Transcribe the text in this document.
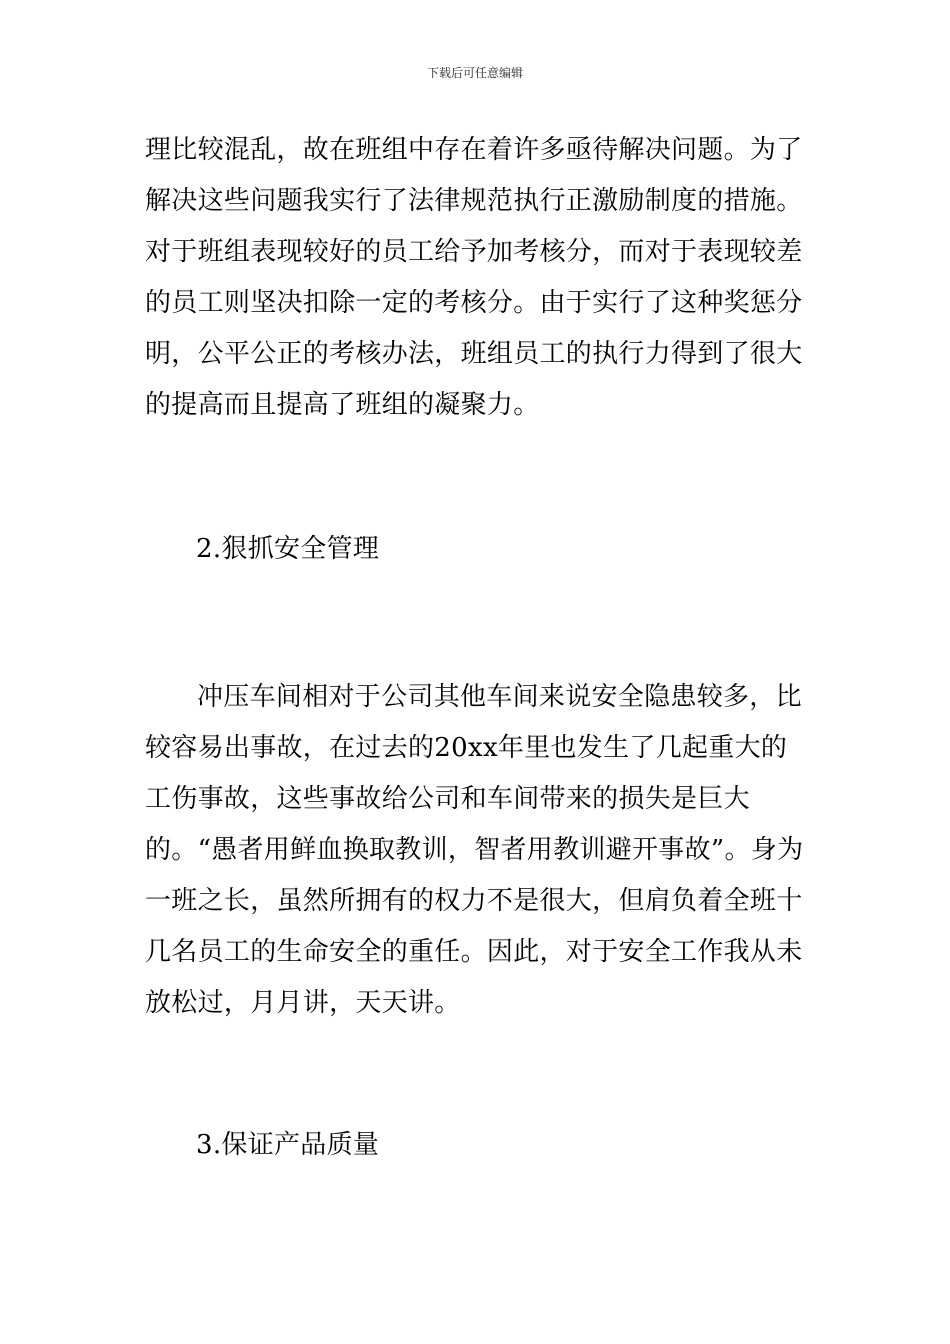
下载后可任意编辑

理比较混乱，故在班组中存在着许多亟待解决问题。为了解决这些问题我实行了法律规范执行正激励制度的措施。对于班组表现较好的员工给予加考核分，而对于表现较差的员工则坚决扣除一定的考核分。由于实行了这种奖惩分明，公平公正的考核办法，班组员工的执行力得到了很大的提高而且提高了班组的凝聚力。

2.狠抓安全管理

冲压车间相对于公司其他车间来说安全隐患较多，比较容易出事故，在过去的20xx年里也发生了几起重大的工伤事故，这些事故给公司和车间带来的损失是巨大的。“愚者用鲜血换取教训，智者用教训避开事故”。身为一班之长，虽然所拥有的权力不是很大，但肩负着全班十几名员工的生命安全的重任。因此，对于安全工作我从未放松过，月月讲，天天讲。

3.保证产品质量
